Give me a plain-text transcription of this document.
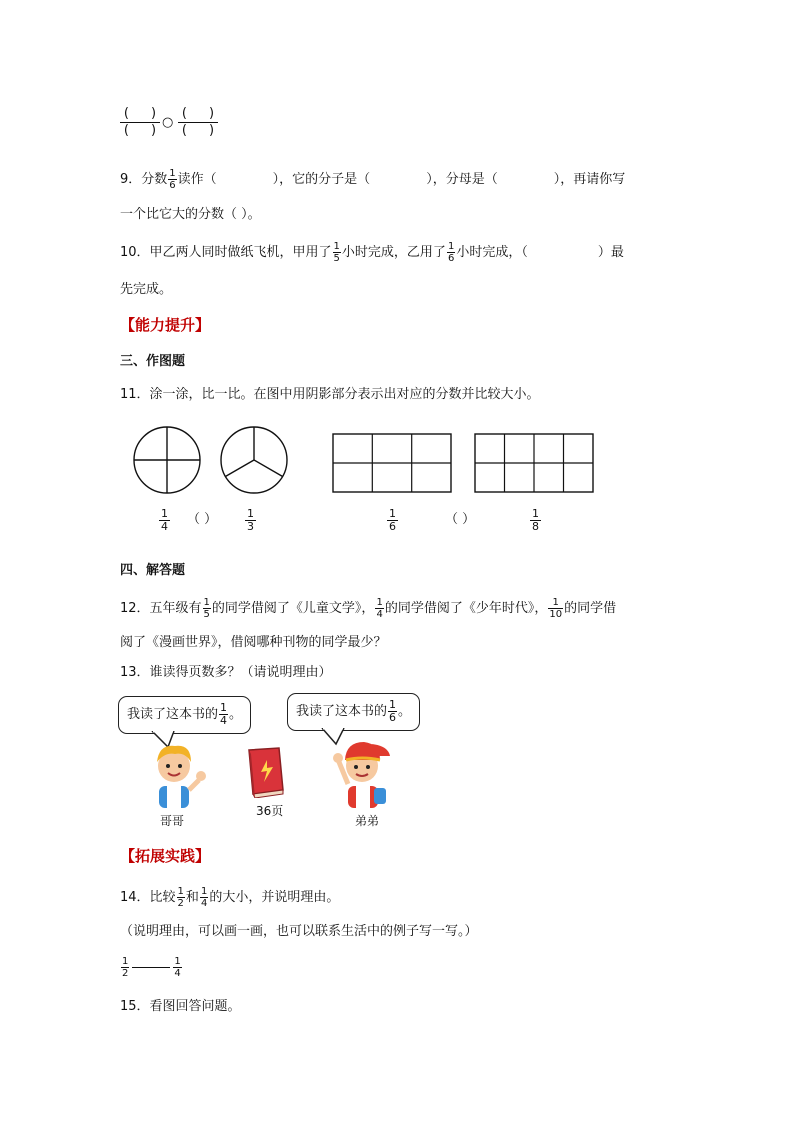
( )
( )
○
( )
( )
9．分数 $\frac{1}{6}$ 读作（	），它的分子是（	），分母是（	），再请你写
一个比它大的分数（ ）。
10．甲乙两人同时做纸飞机，甲用了 $\frac{1}{5}$ 小时完成，乙用了 $\frac{1}{6}$ 小时完成，（	）最
先完成。
【能力提升】
三、作图题
11．涂一涂，比一比。在图中用阴影部分表示出对应的分数并比较大小。
$\frac{1}{4}$ （ ）	$\frac{1}{3}$	$\frac{1}{6}$	（ ）	$\frac{1}{8}$
四、解答题
12．五年级有 $\frac{1}{5}$ 的同学借阅了《儿童文学》， $\frac{1}{4}$ 的同学借阅了《少年时代》， $\frac{1}{10}$ 的同学借
阅了《漫画世界》，借阅哪种刊物的同学最少？
13．谁读得页数多？（请说明理由）
我读了这本书的 $\frac{1}{4}$ 。	我读了这本书的 $\frac{1}{6}$ 。
哥哥
36页
弟弟
【拓展实践】
14．比较 $\frac{1}{2}$ 和 $\frac{1}{4}$ 的大小，并说明理由。
（说明理由，可以画一画，也可以联系生活中的例子写一写。）
$\frac{1}{2}$	$\frac{1}{4}$
15．看图回答问题。
